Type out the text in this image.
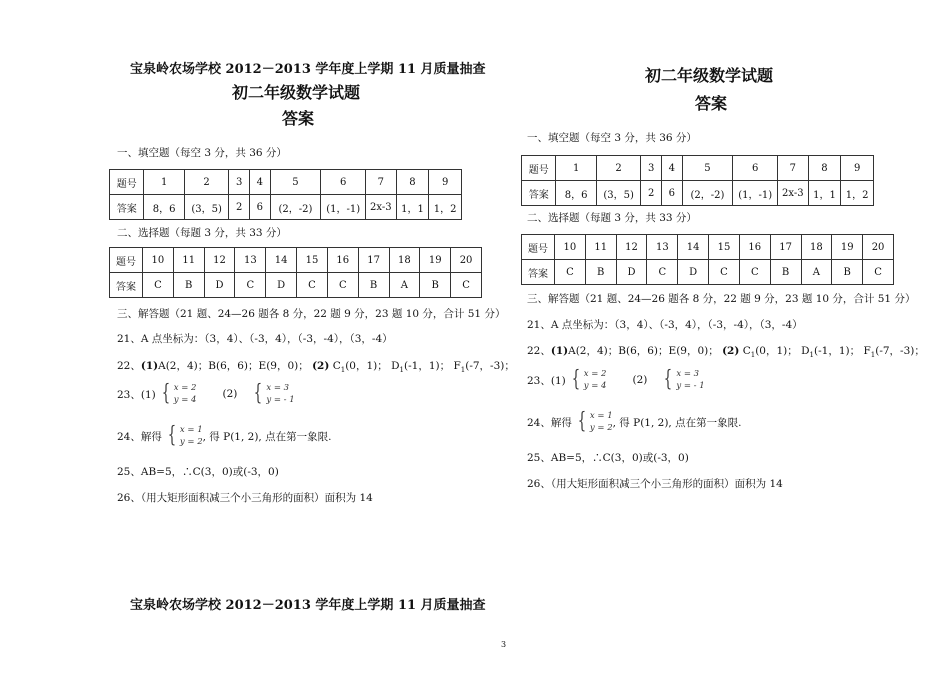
宝泉岭农场学校 2012－2013 学年度上学期 11 月质量抽查
初二年级数学试题
答案
一、填空题（每空 3 分，共 36 分）
题号	1	2	3	4	5	6	7	8	9
答案	8，6	(3，5)	2	6	(2，-2)	(1，-1)	2x-3	1，1	1，2
二、选择题（每题 3 分，共 33 分）
题号	10	11	12	13	14	15	16	17	18	19	20
答案	C	B	D	C	D	C	C	B	A	B	C
三、解答题（21 题、24—26 题各 8 分，22 题 9 分，23 题 10 分，合计 51 分）
21、A 点坐标为：（3，4）、（-3，4），（-3，-4），（3，-4）
22、(1)A(2，4)；B(6，6)；E(9，0)； (2) $C_1(0$，1)； $D_1(-1$，1)； $F_1(-7$，-3)；
23、(1) { x = 2
y = 4 (2) { x = 3
y = - 1
24、解得 { x = 1
y = 2 , 得 P(1, 2), 点在第一象限.
25、AB=5，∴C(3，0)或(-3，0)
26、（用大矩形面积减三个小三角形的面积）面积为 14
宝泉岭农场学校 2012－2013 学年度上学期 11 月质量抽查
初二年级数学试题
答案
一、填空题（每空 3 分，共 36 分）
题号	1	2	3	4	5	6	7	8	9
答案	8，6	(3，5)	2	6	(2，-2)	(1，-1)	2x-3	1，1	1，2
二、选择题（每题 3 分，共 33 分）
题号	10	11	12	13	14	15	16	17	18	19	20
答案	C	B	D	C	D	C	C	B	A	B	C
三、解答题（21 题、24—26 题各 8 分，22 题 9 分，23 题 10 分，合计 51 分）
21、A 点坐标为：（3，4）、（-3，4），（-3，-4），（3，-4）
22、(1)A(2，4)；B(6，6)；E(9，0)； (2) $C_1(0$，1)； $D_1(-1$，1)； $F_1(-7$，-3)；
23、(1) { x = 2
y = 4 (2) { x = 3
y = - 1
24、解得 { x = 1
y = 2 , 得 P(1, 2), 点在第一象限.
25、AB=5，∴C(3，0)或(-3，0)
26、（用大矩形面积减三个小三角形的面积）面积为 14
3
